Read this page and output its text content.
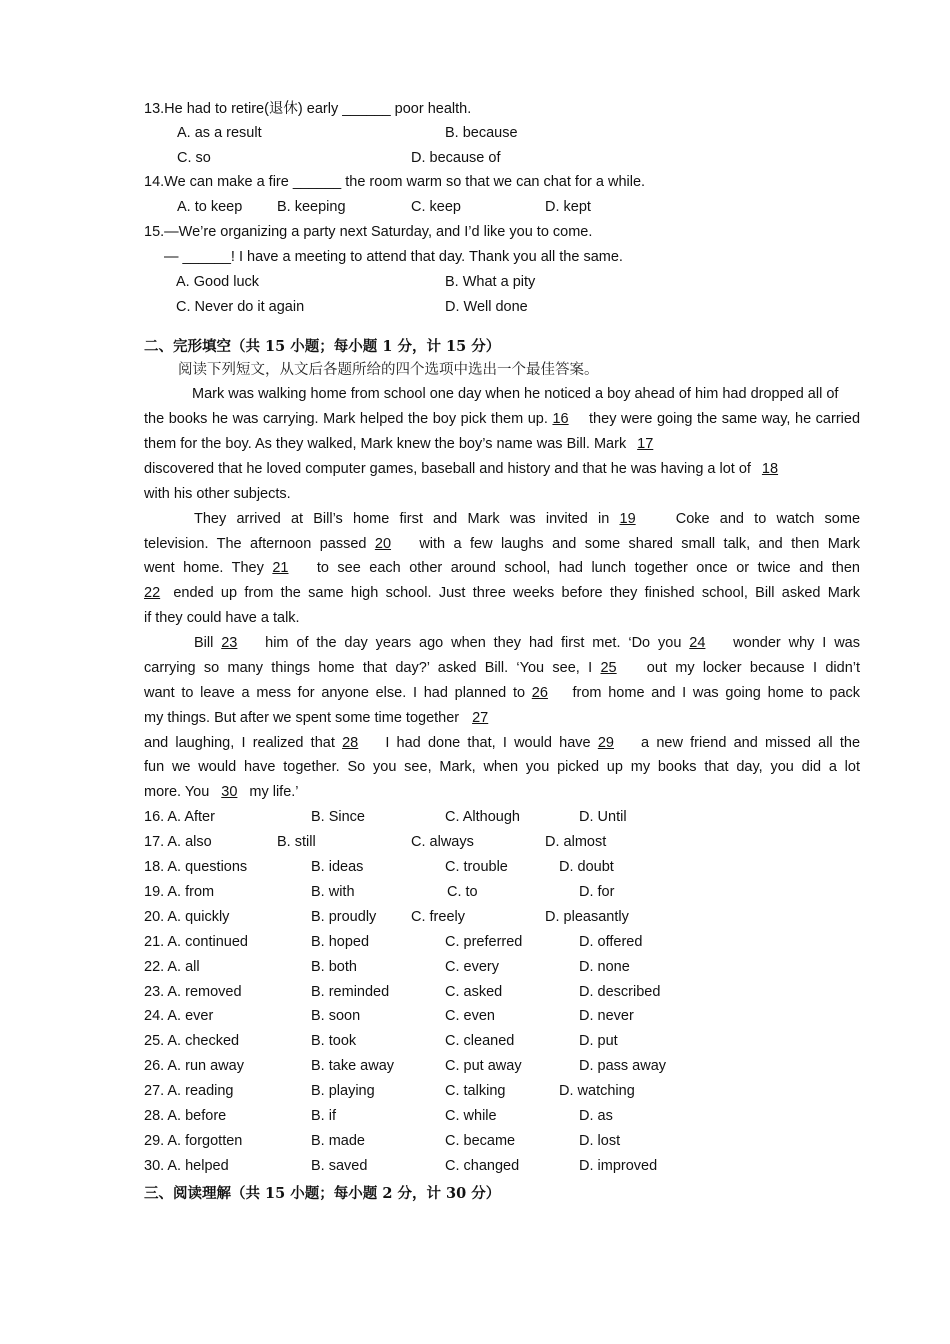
13.He had to retire(退休) early ______ poor health.
A. as a result	B. because
C. so	D. because of
14.We can make a fire ______ the room warm so that we can chat for a while.
A. to keep B. keeping	C. keep	D. kept
15.—We’re organizing a party next Saturday, and I’d like you to come.
— ______! I have a meeting to attend that day. Thank you all the same.
A. Good luck	B. What a pity
C. Never do it again	D. Well done
二、完形填空（共 15 小题；每小题 1 分，计 15 分）
阅读下列短文，从文后各题所给的四个选项中选出一个最佳答案。
Mark was walking home from school one day when he noticed a boy ahead of him had dropped all of
the books he was carrying. Mark helped the boy pick them up. 16 they were going the same way, he carried
them for the boy. As they walked, Mark knew the boy’s name was Bill. Mark 17
discovered that he loved computer games, baseball and history and that he was having a lot of 18
with his other subjects.
They arrived at Bill’s home first and Mark was invited in 19	Coke and to watch some
television. The afternoon passed 20 with a few laughs and some shared small talk, and then Mark
went home. They 21 to see each other around school, had lunch together once or twice and then
22 ended up from the same high school. Just three weeks before they finished school, Bill asked Mark
if they could have a talk.
Bill 23 him of the day years ago when they had first met. ‘Do you 24 wonder why I was
carrying so many things home that day?’ asked Bill. ‘You see, I 25 out my locker because I didn’t
want to leave a mess for anyone else. I had planned to 26 from home and I was going home to pack
my things. But after we spent some time together 27
and laughing, I realized that 28 I had done that, I would have 29 a new friend and missed all the
fun we would have together. So you see, Mark, when you picked up my books that day, you did a lot
more. You 30 my life.’
16. A. After	B. Since	C. Although	D. Until
17. A. also	B. still	C. always	D. almost
18. A. questions	B. ideas	C. trouble	D. doubt
19. A. from	B. with	C. to	D. for
20. A. quickly	B. proudly C. freely	D. pleasantly
21. A. continued	B. hoped	C. preferred	D. offered
22. A. all	B. both	C. every	D. none
23. A. removed	B. reminded	C. asked	D. described
24. A. ever	B. soon	C. even	D. never
25. A. checked	B. took	C. cleaned	D. put
26. A. run away	B. take away	C. put away	D. pass away
27. A. reading	B. playing	C. talking	D. watching
28. A. before	B. if	C. while	D. as
29. A. forgotten	B. made	C. became	D. lost
30. A. helped	B. saved	C. changed	D. improved
三、阅读理解（共 15 小题；每小题 2 分，计 30 分）
